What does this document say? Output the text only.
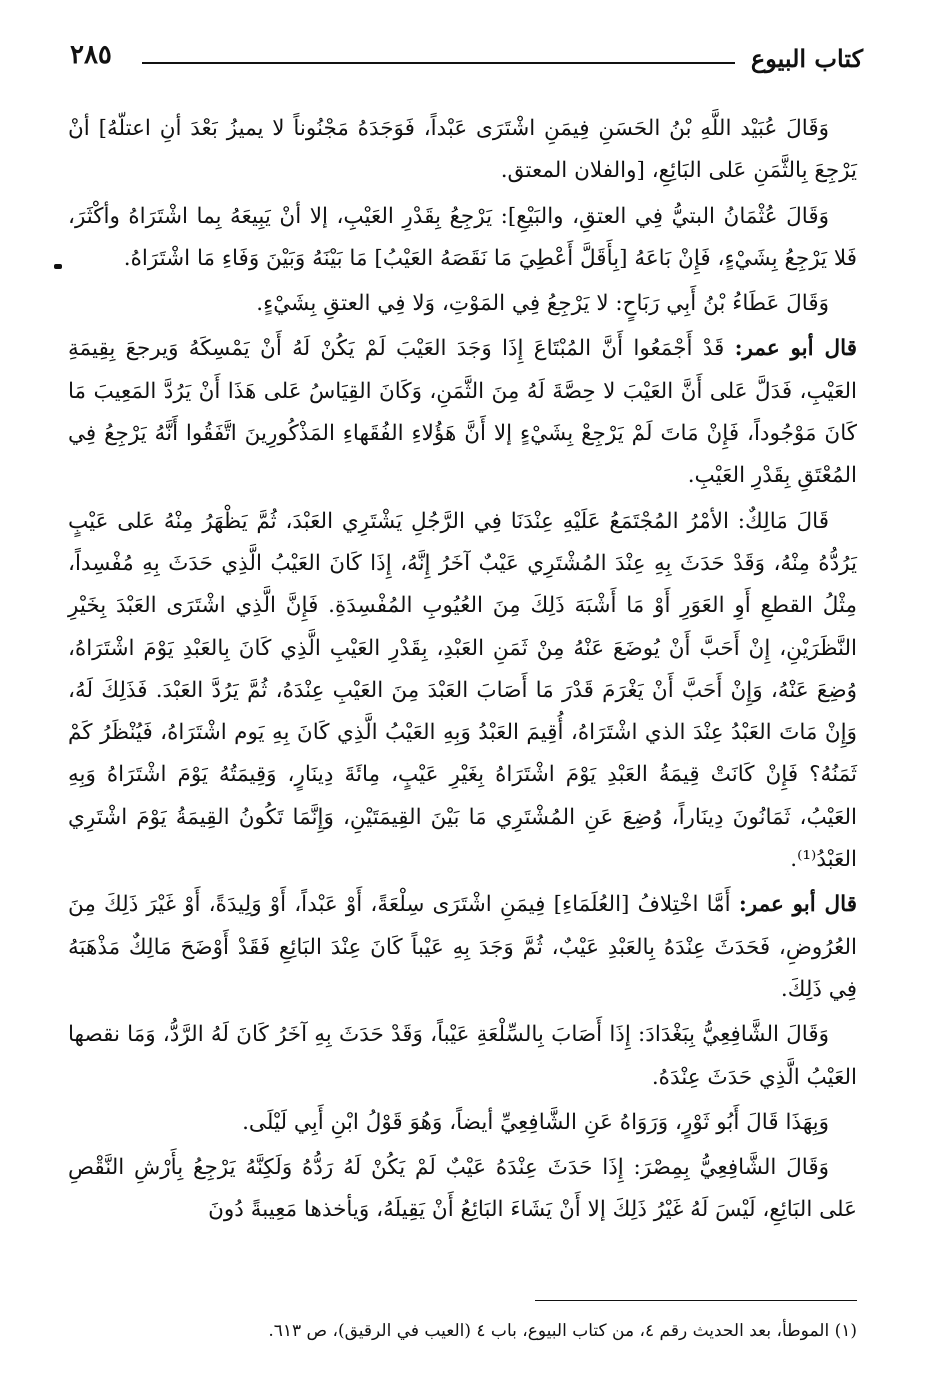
كتاب البيوع
٢٨٥

وَقَالَ عُبَيْد اللَّهِ بْنُ الحَسَنِ فِيمَنِ اشْتَرَى عَبْداً، فَوَجَدَهُ مَجْنُوناً لا يميزُ بَعْدَ أنِ اعتلّهُ] أنْ يَرْجِعَ بِالثَّمَنِ عَلى البَائِعِ، [والفلان المعتق.

وَقَالَ عُثْمَانُ البتيُّ فِي العتقِ، والبَيْعِ]: يَرْجِعُ بِقَدْرِ العَيْبِ، إلا أنْ يَبِيعَهُ بِما اشْتَرَاهُ وأكْثَرَ، فَلا يَرْجِعُ بِشَيْءٍ، فَإِنْ بَاعَهُ [بِأَقَلَّ أَعْطِيَ مَا نَقَصَهُ العَيْبُ] مَا بَيْنَهُ وَبَيْنَ وَفَاءِ مَا اشْتَرَاهُ.

وَقَالَ عَطَاءُ بْنُ أَبِي رَبَاحٍ: لا يَرْجِعُ فِي المَوْتِ، وَلا فِي العتقِ بِشَيْءٍ.

قال أبو عمر: قَدْ أَجْمَعُوا أَنَّ المُبْتَاعَ إِذَا وَجَدَ العَيْبَ لَمْ يَكُنْ لَهُ أَنْ يَمْسِكَهُ وَيرجعَ بِقِيمَةِ العَيْبِ، فَدَلَّ عَلى أَنَّ العَيْبَ لا حِصَّةَ لَهُ مِنَ الثَّمَنِ، وَكَانَ القِيَاسُ عَلى هَذَا أَنْ يَرُدَّ المَعِيبَ مَا كَانَ مَوْجُوداً، فَإِنْ مَاتَ لَمْ يَرْجِعْ بِشَيْءٍ إلا أَنَّ هَؤُلاءِ الفُقَهاءِ المَذْكُورِينَ اتَّفَقُوا أَنَّهُ يَرْجِعُ فِي المُعْتَقِ بِقَدْرِ العَيْبِ.

قَالَ مَالِكٌ: الأمْرُ المُجْتَمَعُ عَلَيْهِ عِنْدَنَا فِي الرَّجُلِ يَشْتَرِي العَبْدَ، ثُمَّ يَظْهَرُ مِنْهُ عَلى عَيْبٍ يَرُدُّهُ مِنْهُ، وَقَدْ حَدَثَ بِهِ عِنْدَ المُشْتَرِي عَيْبٌ آخَرُ إِنَّهُ، إِذَا كَانَ العَيْبُ الَّذِي حَدَثَ بِهِ مُفْسِداً، مِثْلُ القطعِ أَوِ العَوَرِ أَوْ مَا أَشْبَهَ ذَلِكَ مِنَ العُيُوبِ المُفْسِدَةِ. فَإِنَّ الَّذِي اشْتَرَى العَبْدَ بِخَيْرِ النَّظَرَيْنِ، إِنْ أَحَبَّ أَنْ يُوضَعَ عَنْهُ مِنْ ثَمَنِ العَبْدِ، بِقَدْرِ العَيْبِ الَّذِي كَانَ بِالعَبْدِ يَوْمَ اشْتَرَاهُ، وُضِعَ عَنْهُ، وَإِنْ أَحَبَّ أَنْ يَغْرَمَ قَدْرَ مَا أَصَابَ العَبْدَ مِنَ العَيْبِ عِنْدَهُ، ثُمَّ يَرُدَّ العَبْدَ. فَذَلِكَ لَهُ، وَإِنْ مَاتَ العَبْدُ عِنْدَ الذي اشْتَرَاهُ، أُقِيمَ العَبْدُ وَبِهِ العَيْبُ الَّذِي كَانَ بِهِ يَوم اشْتَرَاهُ، فَيُنْظَرُ كَمْ ثَمَنُهُ؟ فَإِنْ كَانَتْ قِيمَةُ العَبْدِ يَوْمَ اشْتَرَاهُ بِغَيْرِ عَيْبٍ، مِائَةَ دِينَارٍ، وَقِيمَتُهُ يَوْمَ اشْتَرَاهُ وَبِهِ العَيْبُ، ثَمَانُونَ دِينَاراً، وُضِعَ عَنِ المُشْتَرِي مَا بَيْنَ القِيمَتَيْنِ، وَإِنَّمَا تَكُونُ القِيمَةُ يَوْمَ اشْتَرِي العَبْدُ⁽¹⁾.

قال أبو عمر: أَمَّا اخْتِلافُ [العُلَمَاءِ] فِيمَنِ اشْتَرَى سِلْعَةً، أَوْ عَبْداً، أَوْ وَلِيدَةً، أَوْ غَيْرَ ذَلِكَ مِنَ العُرُوضِ، فَحَدَثَ عِنْدَهُ بِالعَبْدِ عَيْبٌ، ثُمَّ وَجَدَ بِهِ عَيْباً كَانَ عِنْدَ البَائِعِ فَقَدْ أَوْضَحَ مَالِكٌ مَذْهَبَهُ فِي ذَلِكَ.

وَقَالَ الشَّافِعِيُّ بِبَغْدَادَ: إِذَا أَصَابَ بِالسِّلْعَةِ عَيْباً، وَقَدْ حَدَثَ بِهِ آخَرُ كَانَ لَهُ الرَّدُّ، وَمَا نقصها العَيْبُ الَّذِي حَدَثَ عِنْدَهُ.

وَبِهَذَا قَالَ أَبُو ثَوْرٍ، وَرَوَاهُ عَنِ الشَّافِعِيِّ أيضاً، وَهُوَ قَوْلُ ابْنِ أَبِي لَيْلَى.

وَقَالَ الشَّافِعِيُّ بِمِصْرَ: إِذَا حَدَثَ عِنْدَهُ عَيْبٌ لَمْ يَكُنْ لَهُ رَدُّهُ وَلَكِنَّهُ يَرْجِعُ بِأَرْشِ النَّقْصِ عَلى البَائِعِ، لَيْسَ لَهُ غَيْرُ ذَلِكَ إلا أَنْ يَشَاءَ البَائِعُ أَنْ يَقِيلَهُ، وَيأخذها مَعِيبةً دُونَ

(١) الموطأ، بعد الحديث رقم ٤، من كتاب البيوع، باب ٤ (العيب في الرقيق)، ص ٦١٣.
